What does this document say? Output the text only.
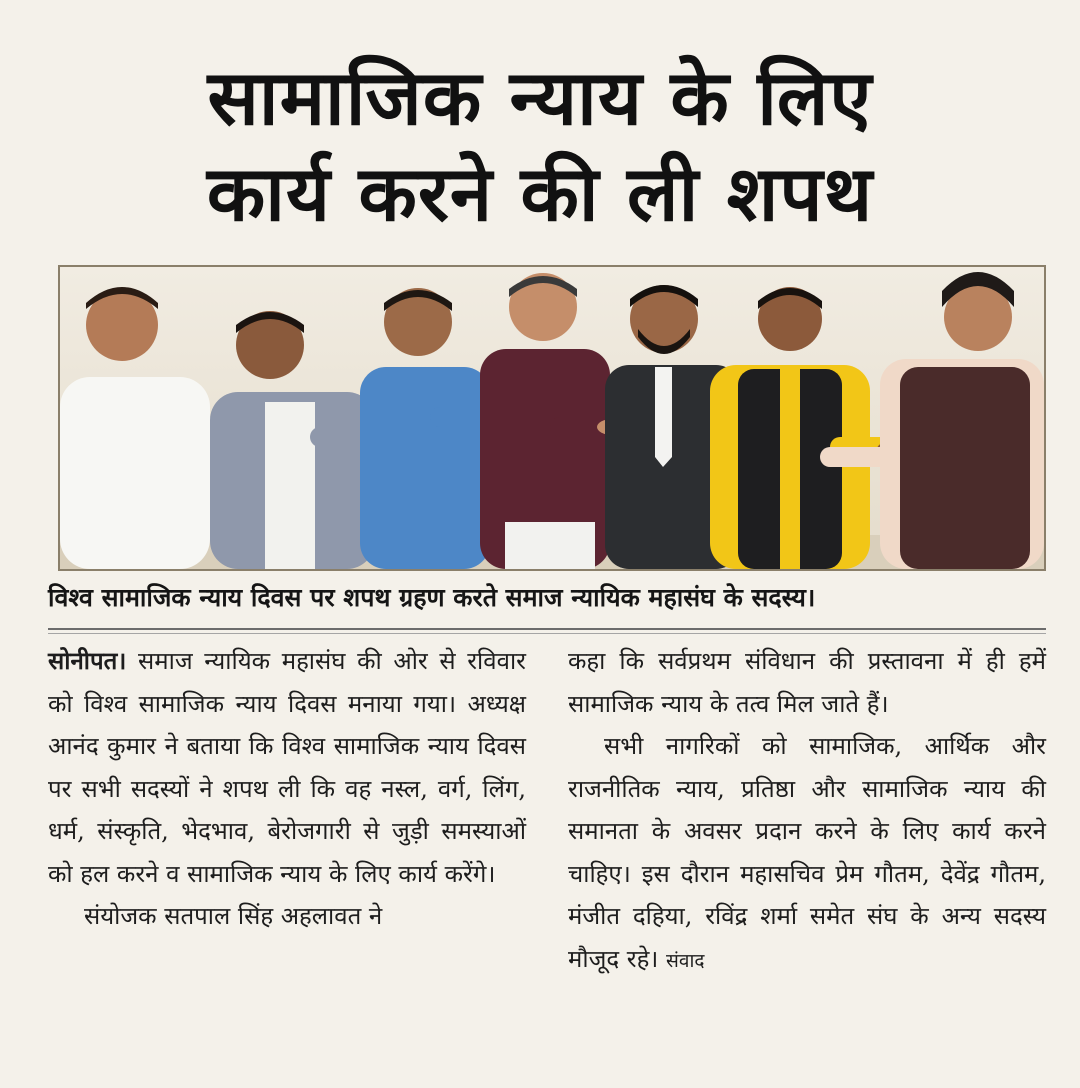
सामाजिक न्याय के लिए
कार्य करने की ली शपथ
विश्व सामाजिक न्याय दिवस पर शपथ ग्रहण करते समाज न्यायिक महासंघ के सदस्य।

सोनीपत। समाज न्यायिक महासंघ की ओर से रविवार को विश्व सामाजिक न्याय दिवस मनाया गया। अध्यक्ष आनंद कुमार ने बताया कि विश्व सामाजिक न्याय दिवस पर सभी सदस्यों ने शपथ ली कि वह नस्ल, वर्ग, लिंग, धर्म, संस्कृति, भेदभाव, बेरोजगारी से जुड़ी समस्याओं को हल करने व सामाजिक न्याय के लिए कार्य करेंगे।

संयोजक सतपाल सिंह अहलावत ने

कहा कि सर्वप्रथम संविधान की प्रस्तावना में ही हमें सामाजिक न्याय के तत्व मिल जाते हैं।

सभी नागरिकों को सामाजिक, आर्थिक और राजनीतिक न्याय, प्रतिष्ठा और सामाजिक न्याय की समानता के अवसर प्रदान करने के लिए कार्य करने चाहिए। इस दौरान महासचिव प्रेम गौतम, देवेंद्र गौतम, मंजीत दहिया, रविंद्र शर्मा समेत संघ के अन्य सदस्य मौजूद रहे। संवाद
